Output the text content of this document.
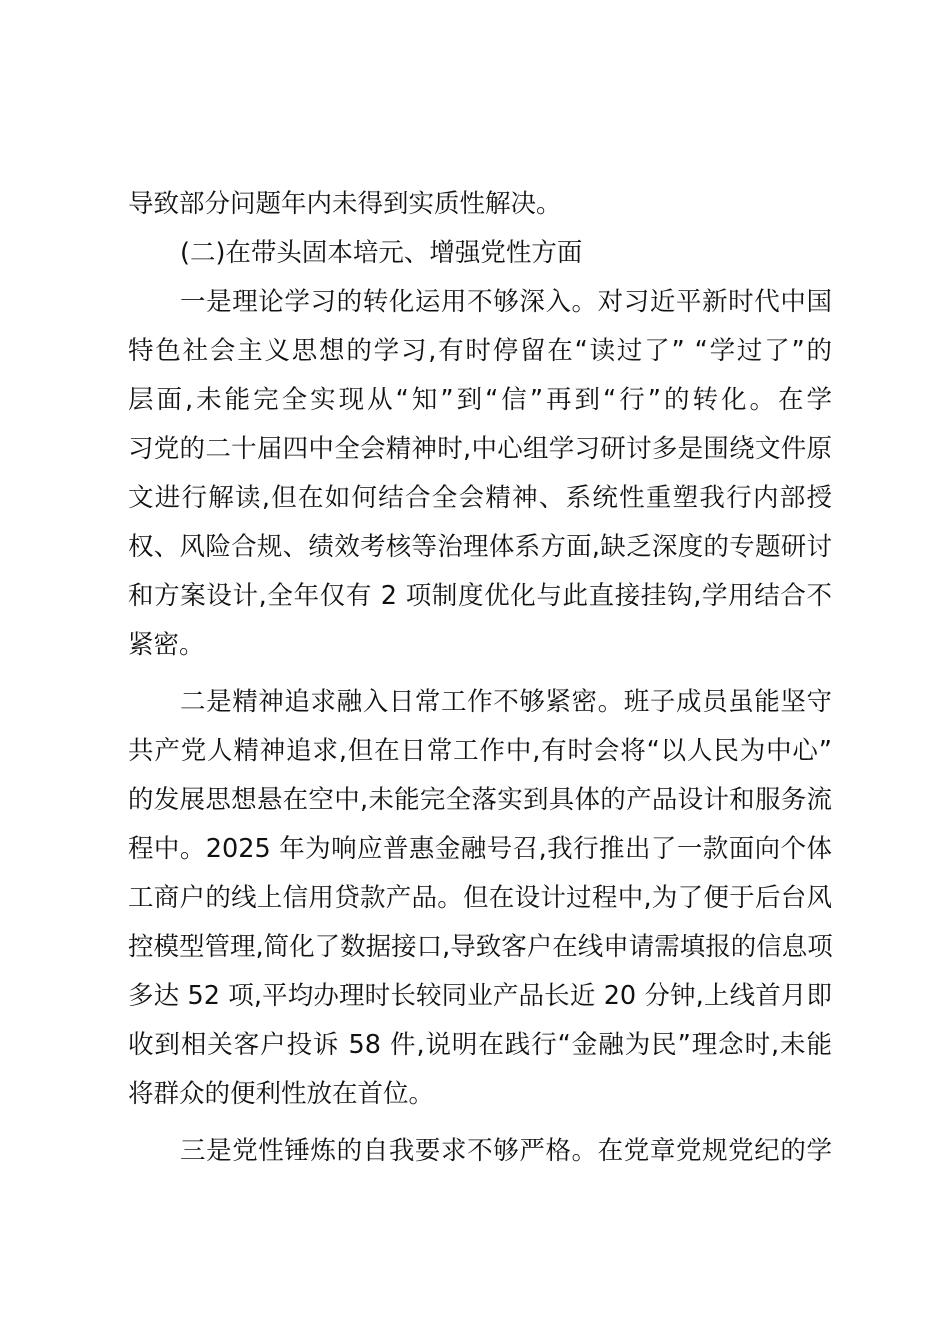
导致部分问题年内未得到实质性解决。
(二)在带头固本培元、增强党性方面
一是理论学习的转化运用不够深入。对习近平新时代中国
特色社会主义思想的学习,有时停留在“读过了” “学过了”的
层面,未能完全实现从“知”到“信”再到“行”的转化。在学
习党的二十届四中全会精神时,中心组学习研讨多是围绕文件原
文进行解读,但在如何结合全会精神、系统性重塑我行内部授
权、风险合规、绩效考核等治理体系方面,缺乏深度的专题研讨
和方案设计,全年仅有 2 项制度优化与此直接挂钩,学用结合不
紧密。
二是精神追求融入日常工作不够紧密。班子成员虽能坚守
共产党人精神追求,但在日常工作中,有时会将“以人民为中心”
的发展思想悬在空中,未能完全落实到具体的产品设计和服务流
程中。2025 年为响应普惠金融号召,我行推出了一款面向个体
工商户的线上信用贷款产品。但在设计过程中,为了便于后台风
控模型管理,简化了数据接口,导致客户在线申请需填报的信息项
多达 52 项,平均办理时长较同业产品长近 20 分钟,上线首月即
收到相关客户投诉 58 件,说明在践行“金融为民”理念时,未能
将群众的便利性放在首位。
三是党性锤炼的自我要求不够严格。在党章党规党纪的学
